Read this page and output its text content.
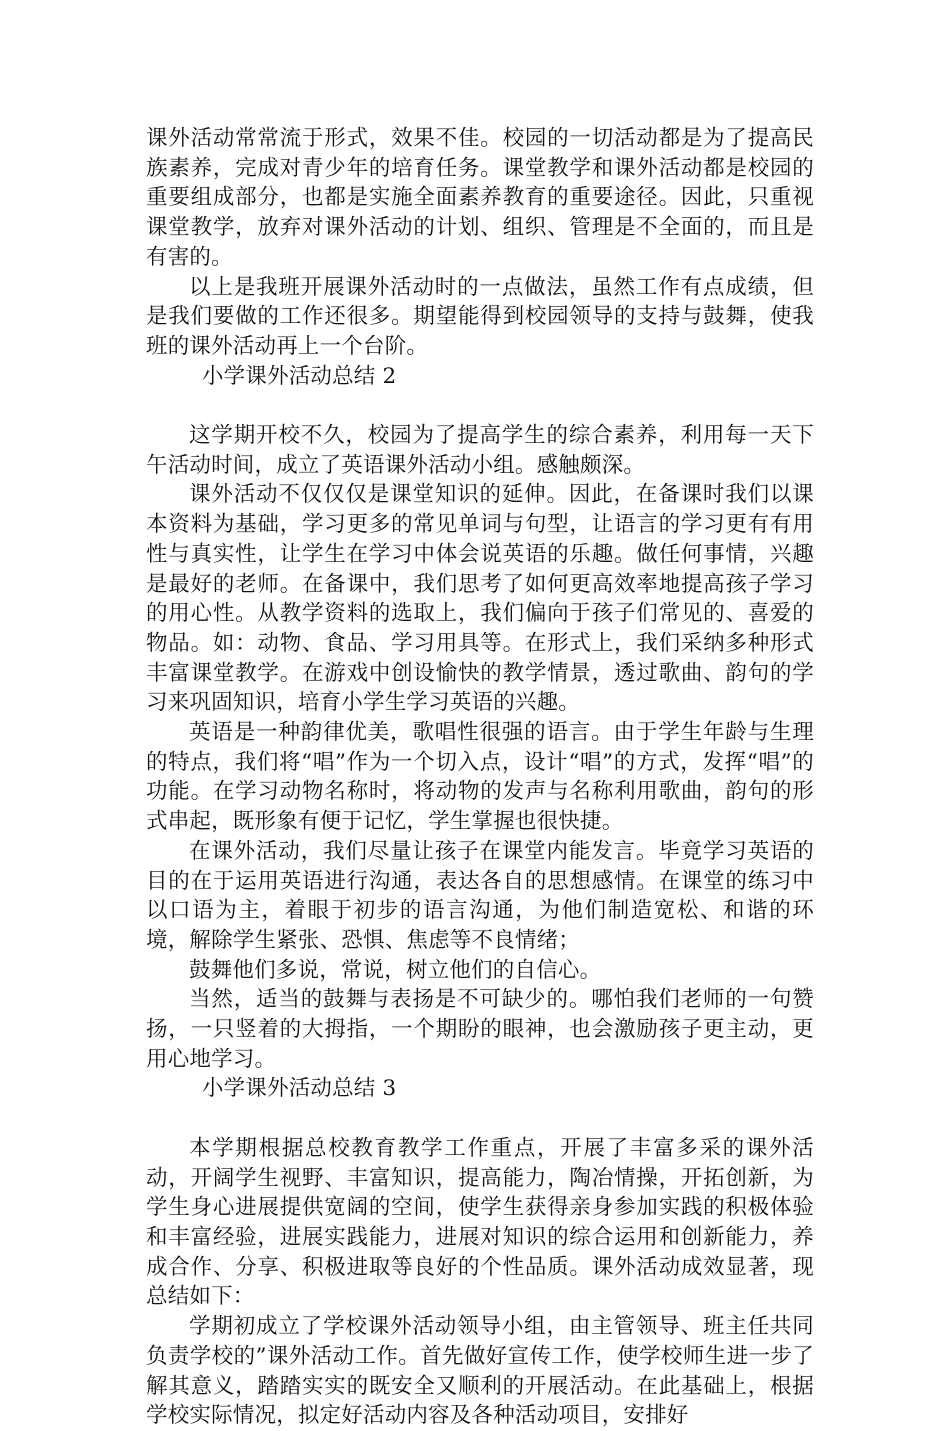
课外活动常常流于形式，效果不佳。校园的一切活动都是为了提高民族素养，完成对青少年的培育任务。课堂教学和课外活动都是校园的重要组成部分，也都是实施全面素养教育的重要途径。因此，只重视课堂教学，放弃对课外活动的计划、组织、管理是不全面的，而且是有害的。

以上是我班开展课外活动时的一点做法，虽然工作有点成绩，但是我们要做的工作还很多。期望能得到校园领导的支持与鼓舞，使我班的课外活动再上一个台阶。

小学课外活动总结 2

这学期开校不久，校园为了提高学生的综合素养，利用每一天下午活动时间，成立了英语课外活动小组。感触颇深。

课外活动不仅仅仅是课堂知识的延伸。因此，在备课时我们以课本资料为基础，学习更多的常见单词与句型，让语言的学习更有有用性与真实性，让学生在学习中体会说英语的乐趣。做任何事情，兴趣是最好的老师。在备课中，我们思考了如何更高效率地提高孩子学习的用心性。从教学资料的选取上，我们偏向于孩子们常见的、喜爱的物品。如：动物、食品、学习用具等。在形式上，我们采纳多种形式丰富课堂教学。在游戏中创设愉快的教学情景，透过歌曲、韵句的学习来巩固知识，培育小学生学习英语的兴趣。

英语是一种韵律优美，歌唱性很强的语言。由于学生年龄与生理的特点，我们将“唱”作为一个切入点，设计“唱”的方式，发挥“唱”的功能。在学习动物名称时，将动物的发声与名称利用歌曲，韵句的形式串起，既形象有便于记忆，学生掌握也很快捷。

在课外活动，我们尽量让孩子在课堂内能发言。毕竟学习英语的目的在于运用英语进行沟通，表达各自的思想感情。在课堂的练习中以口语为主，着眼于初步的语言沟通，为他们制造宽松、和谐的环境，解除学生紧张、恐惧、焦虑等不良情绪；

鼓舞他们多说，常说，树立他们的自信心。

当然，适当的鼓舞与表扬是不可缺少的。哪怕我们老师的一句赞扬，一只竖着的大拇指，一个期盼的眼神，也会激励孩子更主动，更用心地学习。

小学课外活动总结 3

本学期根据总校教育教学工作重点，开展了丰富多采的课外活动，开阔学生视野、丰富知识，提高能力，陶冶情操，开拓创新，为学生身心进展提供宽阔的空间，使学生获得亲身参加实践的积极体验和丰富经验，进展实践能力，进展对知识的综合运用和创新能力，养成合作、分享、积极进取等良好的个性品质。课外活动成效显著，现总结如下：

学期初成立了学校课外活动领导小组，由主管领导、班主任共同负责学校的”课外活动工作。首先做好宣传工作，使学校师生进一步了解其意义，踏踏实实的既安全又顺利的开展活动。在此基础上，根据学校实际情况，拟定好活动内容及各种活动项目，安排好
